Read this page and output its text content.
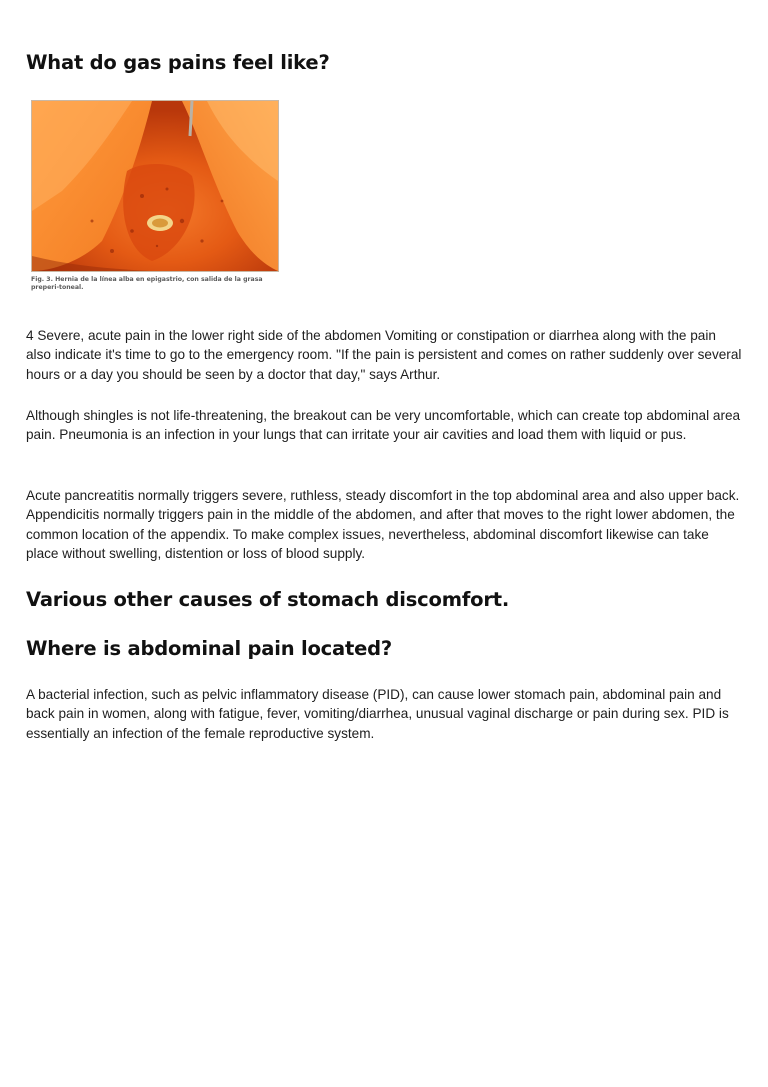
What do gas pains feel like?
Fig. 3. Hernia de la línea alba en epigastrio, con salida de la grasa preperi-toneal.

4 Severe, acute pain in the lower right side of the abdomen Vomiting or constipation or diarrhea along with the pain also indicate it's time to go to the emergency room. "If the pain is persistent and comes on rather suddenly over several hours or a day you should be seen by a doctor that day," says Arthur.

Although shingles is not life-threatening, the breakout can be very uncomfortable, which can create top abdominal area pain. Pneumonia is an infection in your lungs that can irritate your air cavities and load them with liquid or pus.

Acute pancreatitis normally triggers severe, ruthless, steady discomfort in the top abdominal area and also upper back. Appendicitis normally triggers pain in the middle of the abdomen, and after that moves to the right lower abdomen, the common location of the appendix. To make complex issues, nevertheless, abdominal discomfort likewise can take place without swelling, distention or loss of blood supply.

Various other causes of stomach discomfort.
Where is abdominal pain located?

A bacterial infection, such as pelvic inflammatory disease (PID), can cause lower stomach pain, abdominal pain and back pain in women, along with fatigue, fever, vomiting/diarrhea, unusual vaginal discharge or pain during sex. PID is essentially an infection of the female reproductive system.
